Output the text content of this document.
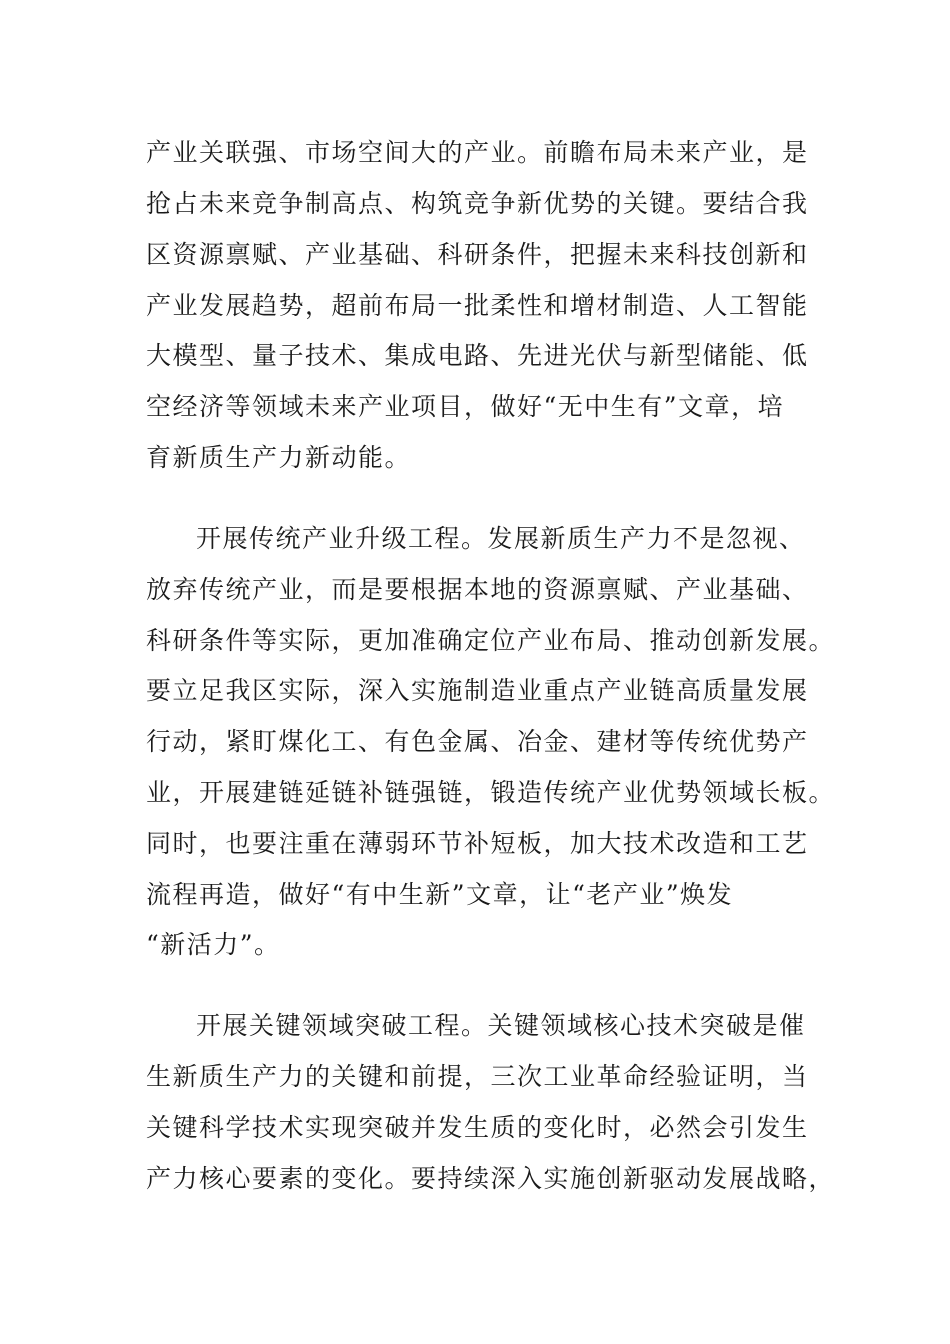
产业关联强、市场空间大的产业。前瞻布局未来产业，是
抢占未来竞争制高点、构筑竞争新优势的关键。要结合我
区资源禀赋、产业基础、科研条件，把握未来科技创新和
产业发展趋势，超前布局一批柔性和增材制造、人工智能
大模型、量子技术、集成电路、先进光伏与新型储能、低
空经济等领域未来产业项目，做好“无中生有”文章，培
育新质生产力新动能。
开展传统产业升级工程。发展新质生产力不是忽视、
放弃传统产业，而是要根据本地的资源禀赋、产业基础、
科研条件等实际，更加准确定位产业布局、推动创新发展。
要立足我区实际，深入实施制造业重点产业链高质量发展
行动，紧盯煤化工、有色金属、冶金、建材等传统优势产
业，开展建链延链补链强链，锻造传统产业优势领域长板。
同时，也要注重在薄弱环节补短板，加大技术改造和工艺
流程再造，做好“有中生新”文章，让“老产业”焕发
“新活力”。
开展关键领域突破工程。关键领域核心技术突破是催
生新质生产力的关键和前提，三次工业革命经验证明，当
关键科学技术实现突破并发生质的变化时，必然会引发生
产力核心要素的变化。要持续深入实施创新驱动发展战略，
